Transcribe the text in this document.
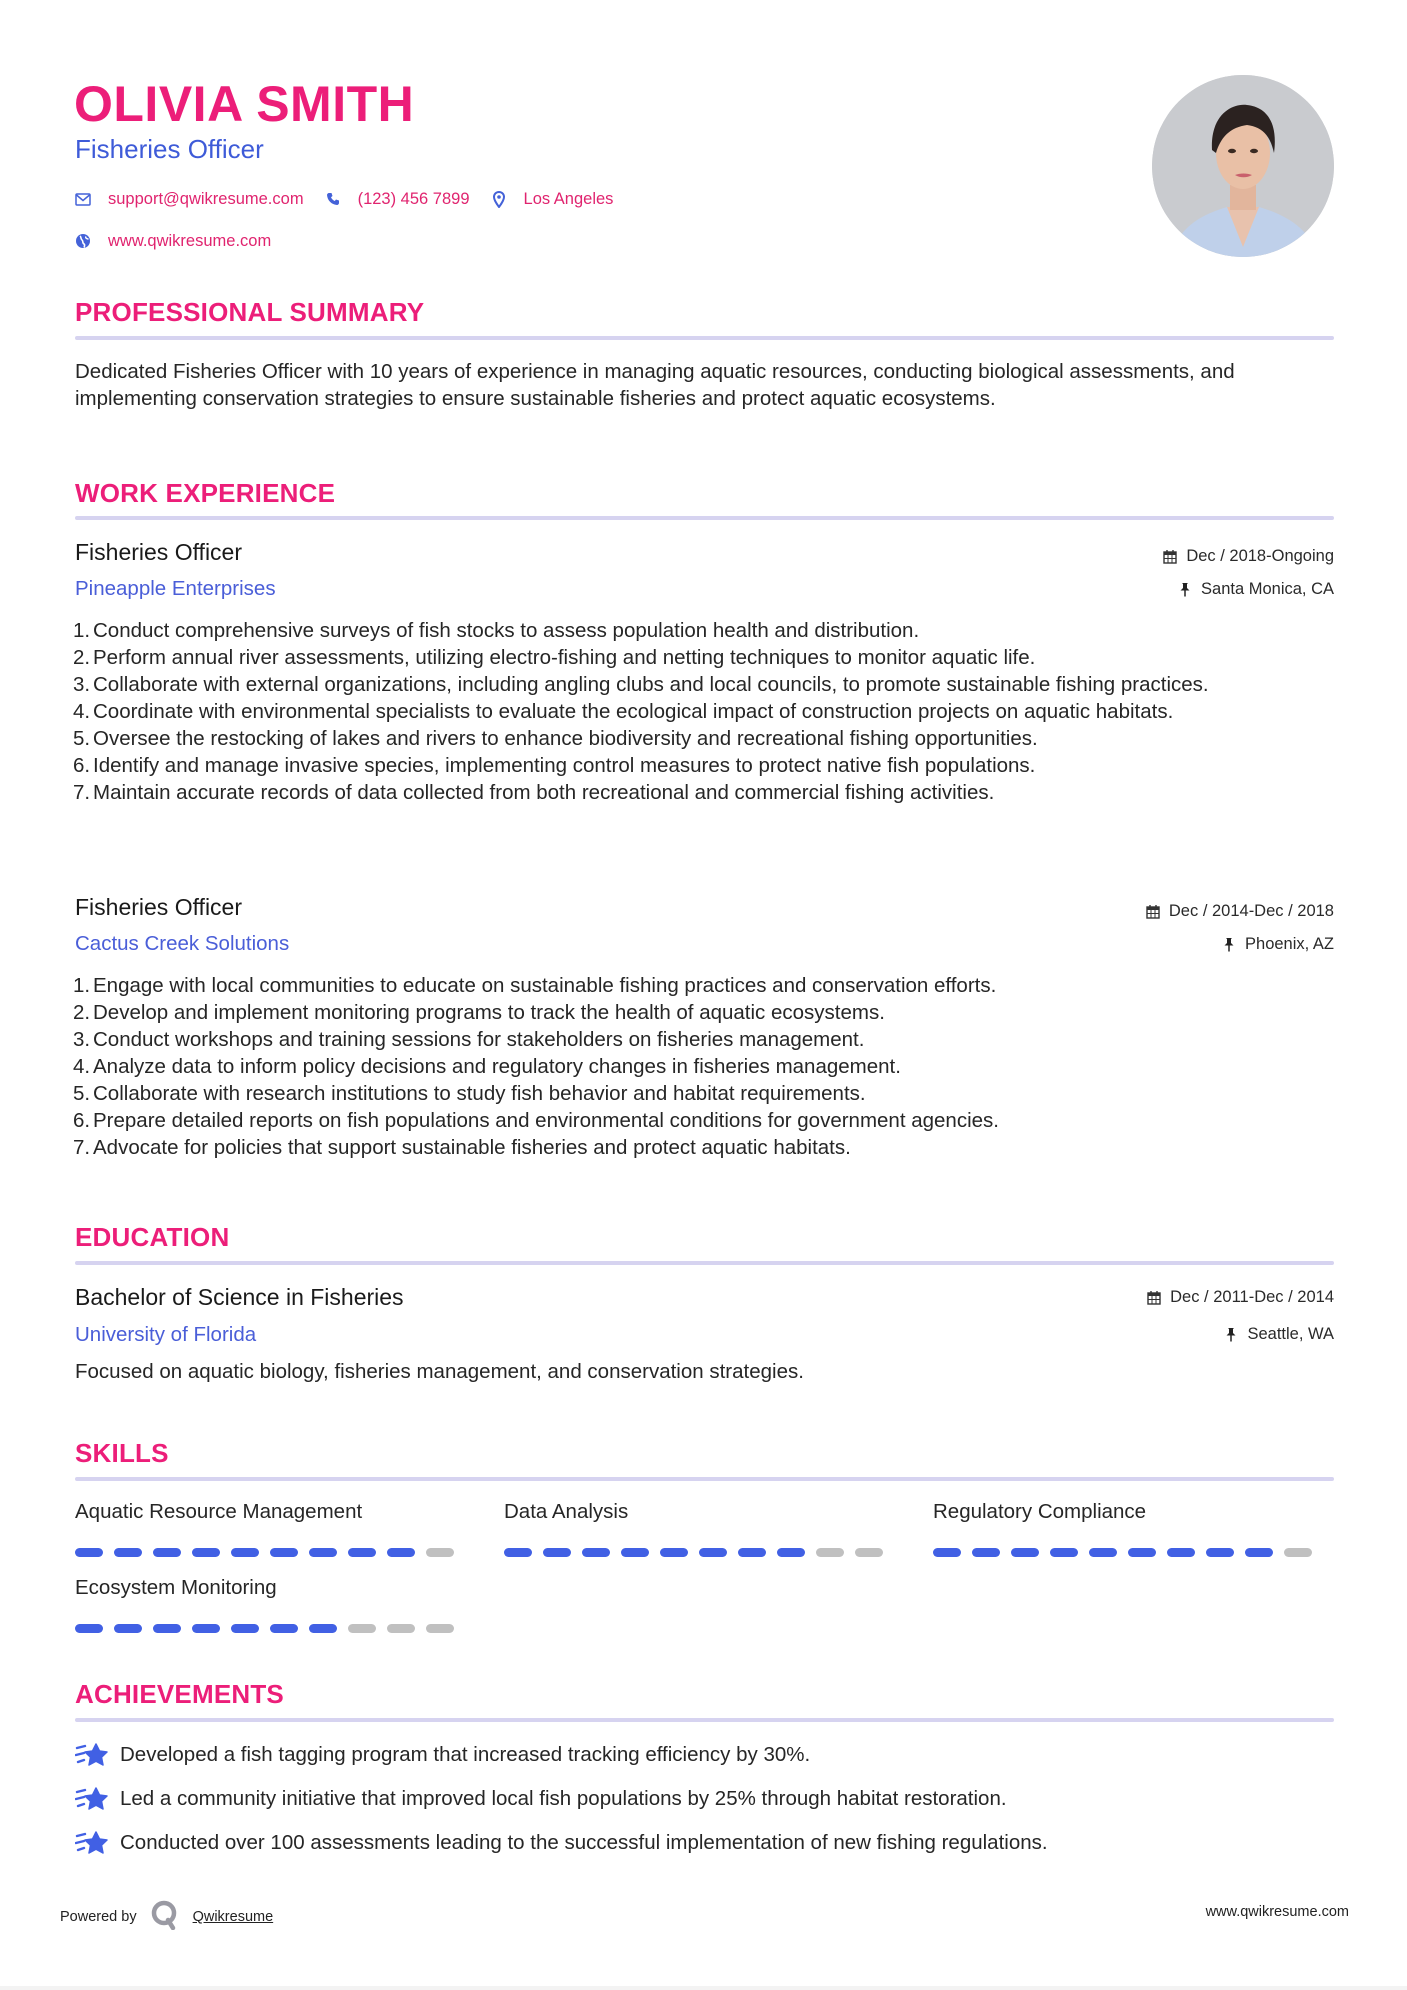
OLIVIA SMITH
Fisheries Officer
support@qwikresume.com	(123) 456 7899	Los Angeles
www.qwikresume.com
PROFESSIONAL SUMMARY
Dedicated Fisheries Officer with 10 years of experience in managing aquatic resources, conducting biological assessments, and implementing conservation strategies to ensure sustainable fisheries and protect aquatic ecosystems.
WORK EXPERIENCE
Fisheries Officer	Dec / 2018-Ongoing
Pineapple Enterprises	Santa Monica, CA
1. Conduct comprehensive surveys of fish stocks to assess population health and distribution.
2. Perform annual river assessments, utilizing electro-fishing and netting techniques to monitor aquatic life.
3. Collaborate with external organizations, including angling clubs and local councils, to promote sustainable fishing practices.
4. Coordinate with environmental specialists to evaluate the ecological impact of construction projects on aquatic habitats.
5. Oversee the restocking of lakes and rivers to enhance biodiversity and recreational fishing opportunities.
6. Identify and manage invasive species, implementing control measures to protect native fish populations.
7. Maintain accurate records of data collected from both recreational and commercial fishing activities.
Fisheries Officer	Dec / 2014-Dec / 2018
Cactus Creek Solutions	Phoenix, AZ
1. Engage with local communities to educate on sustainable fishing practices and conservation efforts.
2. Develop and implement monitoring programs to track the health of aquatic ecosystems.
3. Conduct workshops and training sessions for stakeholders on fisheries management.
4. Analyze data to inform policy decisions and regulatory changes in fisheries management.
5. Collaborate with research institutions to study fish behavior and habitat requirements.
6. Prepare detailed reports on fish populations and environmental conditions for government agencies.
7. Advocate for policies that support sustainable fisheries and protect aquatic habitats.
EDUCATION
Bachelor of Science in Fisheries	Dec / 2011-Dec / 2014
University of Florida	Seattle, WA
Focused on aquatic biology, fisheries management, and conservation strategies.
SKILLS
Aquatic Resource Management	Data Analysis	Regulatory Compliance
Ecosystem Monitoring
ACHIEVEMENTS
Developed a fish tagging program that increased tracking efficiency by 30%.
Led a community initiative that improved local fish populations by 25% through habitat restoration.
Conducted over 100 assessments leading to the successful implementation of new fishing regulations.
Powered by	Qwikresume	www.qwikresume.com
